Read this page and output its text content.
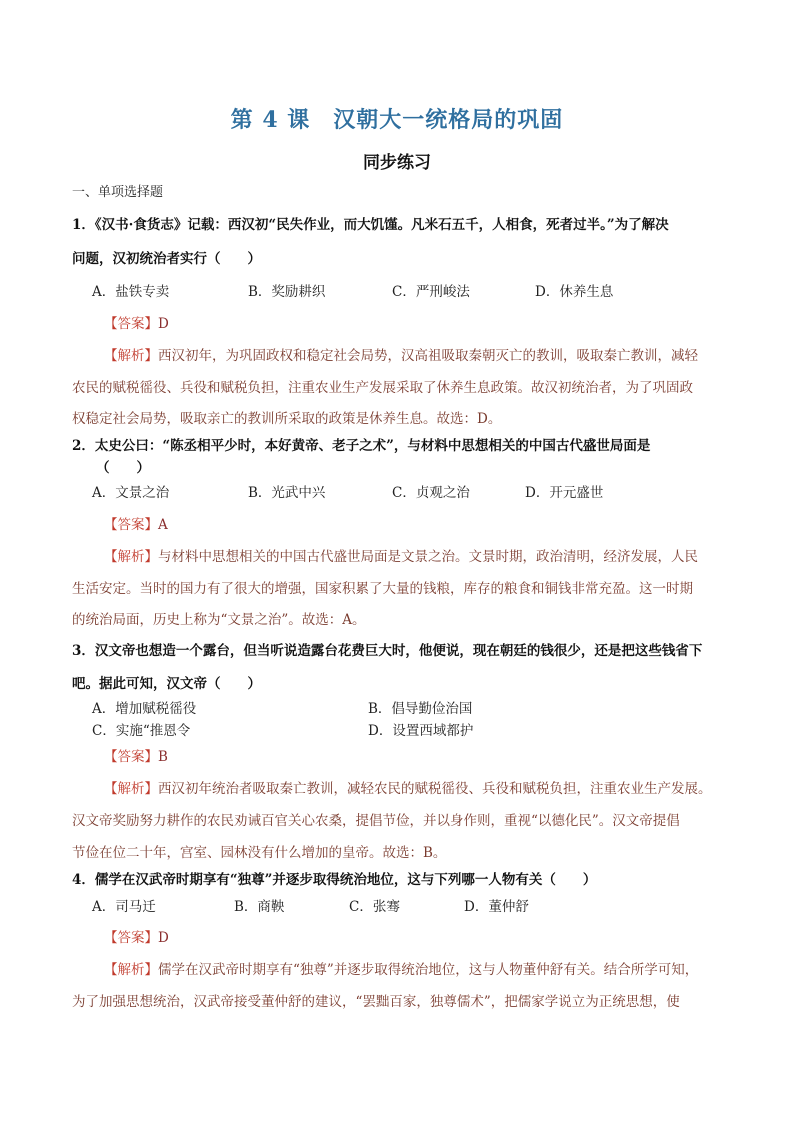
第 4 课　汉朝大一统格局的巩固
同步练习
一、单项选择题
1．《汉书·食货志》记载：西汉初“民失作业，而大饥馑。凡米石五千，人相食，死者过半。”为了解决
问题，汉初统治者实行（　　）
A．盐铁专卖	B．奖励耕织	C．严刑峻法	D．休养生息
【答案】D
【解析】西汉初年，为巩固政权和稳定社会局势，汉高祖吸取秦朝灭亡的教训，吸取秦亡教训，减轻
农民的赋税徭役、兵役和赋税负担，注重农业生产发展采取了休养生息政策。故汉初统治者，为了巩固政
权稳定社会局势，吸取亲亡的教训所采取的政策是休养生息。故选：D。
2．太史公曰：“陈丞相平少时，本好黄帝、老子之术”，与材料中思想相关的中国古代盛世局面是
（　　）
A．文景之治	B．光武中兴	C．贞观之治	D．开元盛世
【答案】A
【解析】与材料中思想相关的中国古代盛世局面是文景之治。文景时期，政治清明，经济发展，人民
生活安定。当时的国力有了很大的增强，国家积累了大量的钱粮，库存的粮食和铜钱非常充盈。这一时期
的统治局面，历史上称为“文景之治”。故选：A。
3．汉文帝也想造一个露台，但当听说造露台花费巨大时，他便说，现在朝廷的钱很少，还是把这些钱省下
吧。据此可知，汉文帝（　　）
A．增加赋税徭役	B．倡导勤俭治国
C．实施“推恩令	D．设置西域都护
【答案】B
【解析】西汉初年统治者吸取秦亡教训，减轻农民的赋税徭役、兵役和赋税负担，注重农业生产发展。
汉文帝奖励努力耕作的农民劝诫百官关心农桑，提倡节俭，并以身作则，重视“以德化民”。汉文帝提倡
节俭在位二十年，宫室、园林没有什么增加的皇帝。故选：B。
4．儒学在汉武帝时期享有“独尊”并逐步取得统治地位，这与下列哪一人物有关（　　）
A．司马迁	B．商鞅	C．张骞	D．董仲舒
【答案】D
【解析】儒学在汉武帝时期享有“独尊”并逐步取得统治地位，这与人物董仲舒有关。结合所学可知，
为了加强思想统治，汉武帝接受董仲舒的建议，“罢黜百家，独尊儒术”，把儒家学说立为正统思想，使
